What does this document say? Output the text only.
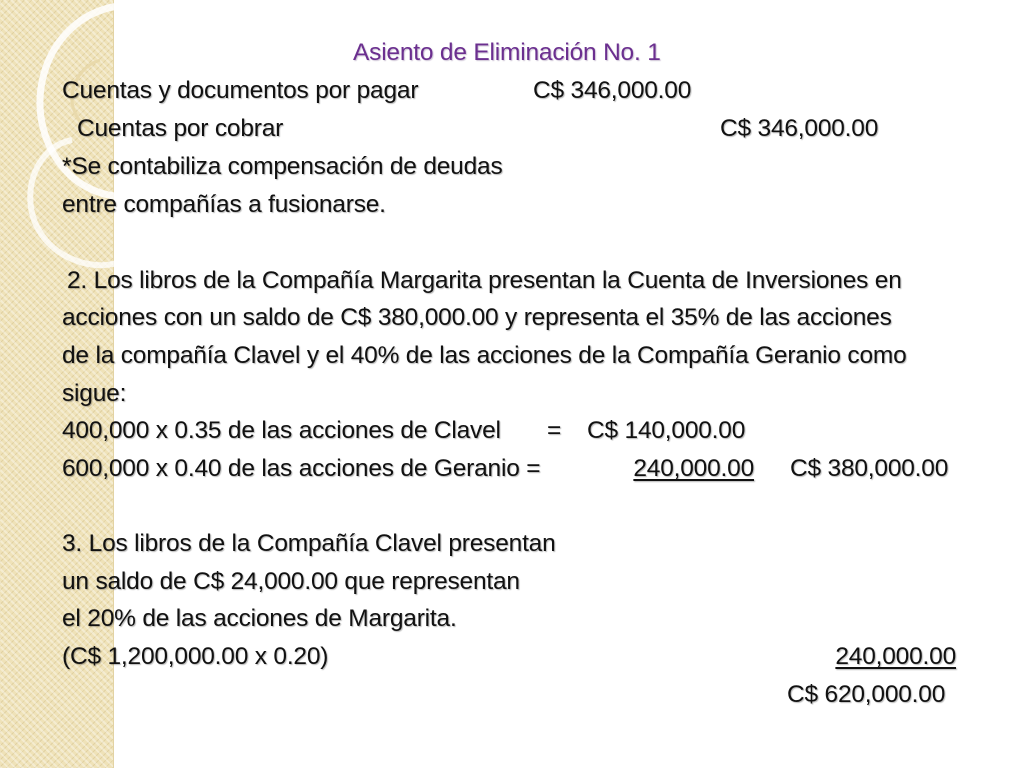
Asiento de Eliminación No. 1
Cuentas y documentos por pagar	C$ 346,000.00
Cuentas por cobrar	C$ 346,000.00
*Se contabiliza compensación de deudas
entre compañías a fusionarse.
2. Los libros de la Compañía Margarita presentan la Cuenta de Inversiones en
acciones con un saldo de C$ 380,000.00 y representa el 35% de las acciones
de la compañía Clavel y el 40% de las acciones de la Compañía Geranio como
sigue:
400,000 x 0.35 de las acciones de Clavel = C$ 140,000.00
600,000 x 0.40 de las acciones de Geranio =	240,000.00 C$ 380,000.00
3. Los libros de la Compañía Clavel presentan
un saldo de C$ 24,000.00 que representan
el 20% de las acciones de Margarita.
(C$ 1,200,000.00 x 0.20)	240,000.00
C$ 620,000.00
